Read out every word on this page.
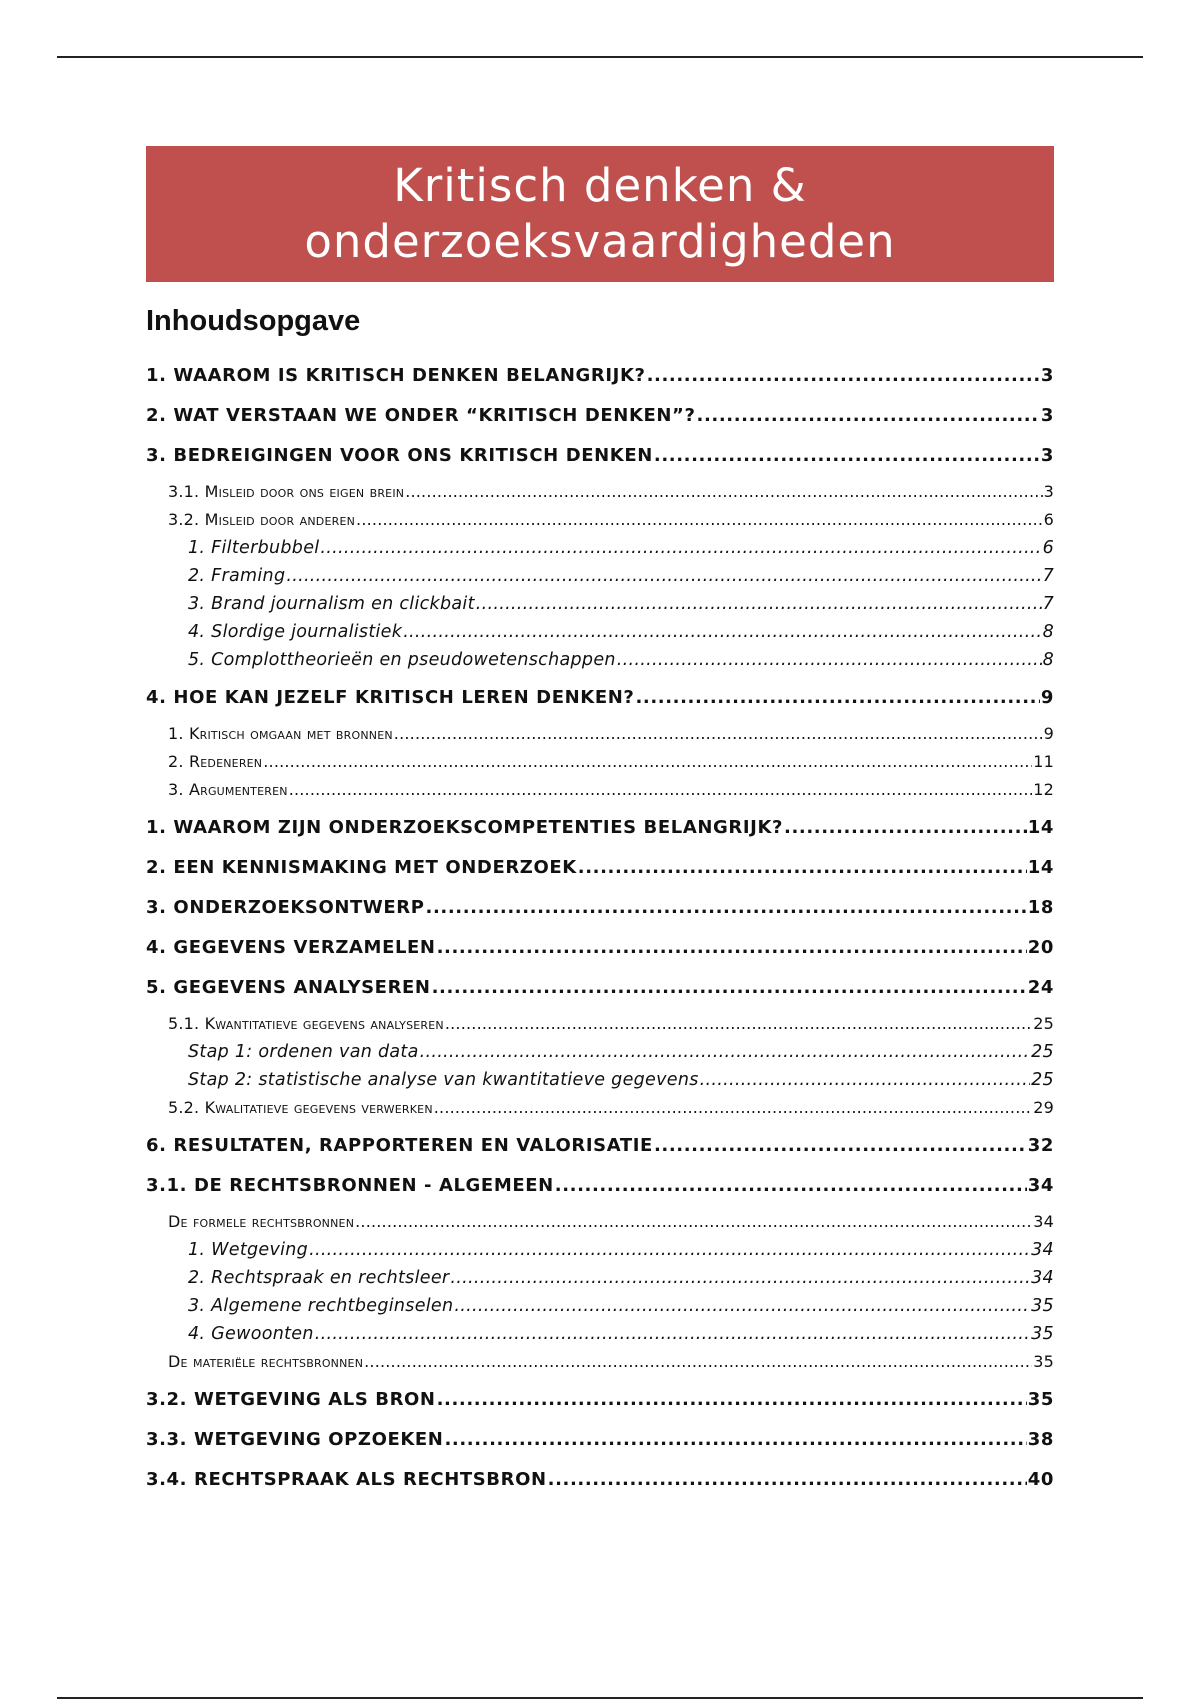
Kritisch denken &
onderzoeksvaardigheden
Inhoudsopgave
1. WAAROM IS KRITISCH DENKEN BELANGRIJK? .....	3
2. WAT VERSTAAN WE ONDER “KRITISCH DENKEN”? .....	3
3. BEDREIGINGEN VOOR ONS KRITISCH DENKEN .....	3
3.1. Misleid door ons eigen brein .....	3
3.2. Misleid door anderen .....	6
1. Filterbubbel .....	6
2. Framing .....	7
3. Brand journalism en clickbait .....	7
4. Slordige journalistiek .....	8
5. Complottheorieën en pseudowetenschappen .....	8
4. HOE KAN JEZELF KRITISCH LEREN DENKEN? .....	9
1. Kritisch omgaan met bronnen .....	9
2. Redeneren .....	11
3. Argumenteren .....	12
1. WAAROM ZIJN ONDERZOEKSCOMPETENTIES BELANGRIJK? .....	14
2. EEN KENNISMAKING MET ONDERZOEK .....	14
3. ONDERZOEKSONTWERP .....	18
4. GEGEVENS VERZAMELEN .....	20
5. GEGEVENS ANALYSEREN .....	24
5.1. Kwantitatieve gegevens analyseren .....	25
Stap 1: ordenen van data .....	25
Stap 2: statistische analyse van kwantitatieve gegevens .....	25
5.2. Kwalitatieve gegevens verwerken .....	29
6. RESULTATEN, RAPPORTEREN EN VALORISATIE .....	32
3.1. DE RECHTSBRONNEN - ALGEMEEN .....	34
De formele rechtsbronnen .....	34
1. Wetgeving .....	34
2. Rechtspraak en rechtsleer .....	34
3. Algemene rechtbeginselen .....	35
4. Gewoonten .....	35
De materiële rechtsbronnen .....	35
3.2. WETGEVING ALS BRON .....	35
3.3. WETGEVING OPZOEKEN .....	38
3.4. RECHTSPRAAK ALS RECHTSBRON .....	40
